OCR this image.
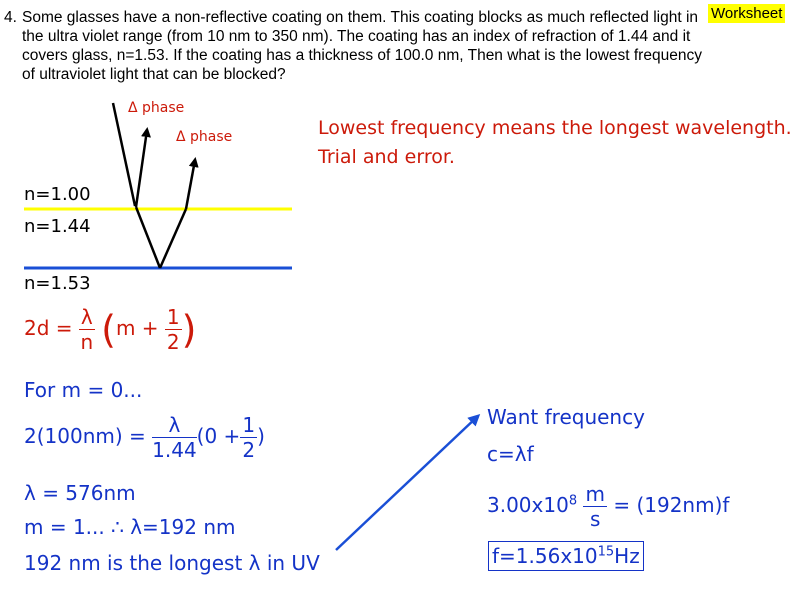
4. Some glasses have a non-reflective coating on them. This coating blocks as much reflected light in the ultra violet range (from 10 nm to 350 nm). The coating has an index of refraction of 1.44 and it covers glass, n=1.53. If the coating has a thickness of 100.0 nm, Then what is the lowest frequency of ultraviolet light that can be blocked?
Worksheet
Δ phase
Δ phase
n=1.00
n=1.44
n=1.53
Lowest frequency means the longest wavelength.
Trial and error.
$2d = \frac{\lambda}{n} (m + \frac{1}{2}$ )
For m = 0...
$2(100nm) = \frac{\lambda}{1.44} (0 + \frac{1}{2}$ )
λ = 576nm
m = 1... ∴ λ=192 nm
192 nm is the longest λ in UV
Want frequency
c=λf
$3.00x10^8 \frac{m}{s} = (192nm)f$
$f=1.56x10^{15}Hz$
